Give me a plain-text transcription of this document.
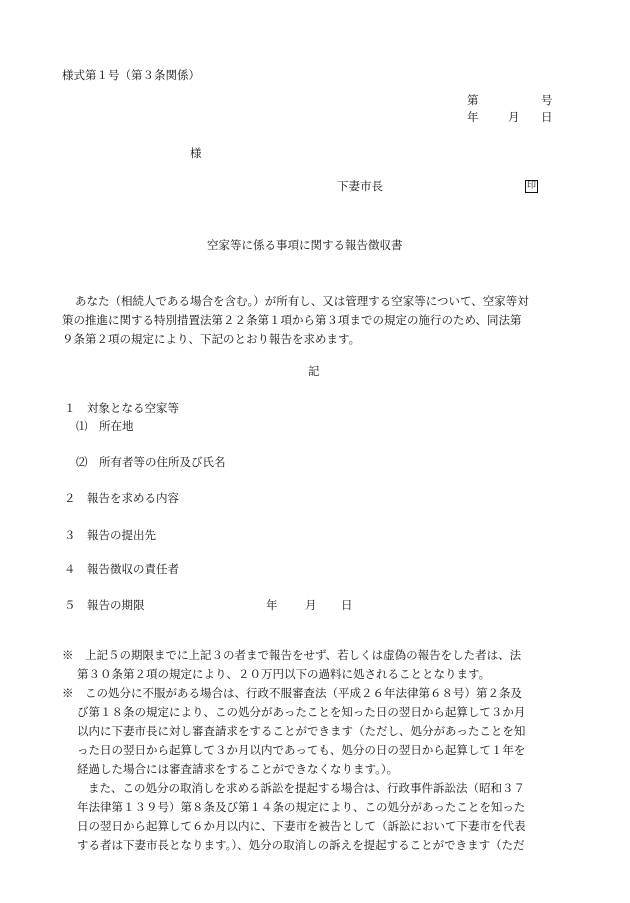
様式第１号（第３条関係）
第	号
年	月 日
様
下妻市長	印
空家等に係る事項に関する報告徴収書
あなた（相続人である場合を含む。）が所有し、又は管理する空家等について、空家等対
策の推進に関する特別措置法第２２条第１項から第３項までの規定の施行のため、同法第
９条第２項の規定により、下記のとおり報告を求めます。
記
１　対象となる空家等
⑴　所在地
⑵　所有者等の住所及び氏名
２　報告を求める内容
３　報告の提出先
４　報告徴収の責任者
５　報告の期限	年 月 日
※　上記５の期限までに上記３の者まで報告をせず、若しくは虚偽の報告をした者は、法
第３０条第２項の規定により、２０万円以下の過料に処されることとなります。
※　この処分に不服がある場合は、行政不服審査法（平成２６年法律第６８号）第２条及
び第１８条の規定により、この処分があったことを知った日の翌日から起算して３か月
以内に下妻市長に対し審査請求をすることができます（ただし、処分があったことを知
った日の翌日から起算して３か月以内であっても、処分の日の翌日から起算して１年を
経過した場合には審査請求をすることができなくなります。）。
また、この処分の取消しを求める訴訟を提起する場合は、行政事件訴訟法（昭和３７
年法律第１３９号）第８条及び第１４条の規定により、この処分があったことを知った
日の翌日から起算して６か月以内に、下妻市を被告として（訴訟において下妻市を代表
する者は下妻市長となります。）、処分の取消しの訴えを提起することができます（ただ
